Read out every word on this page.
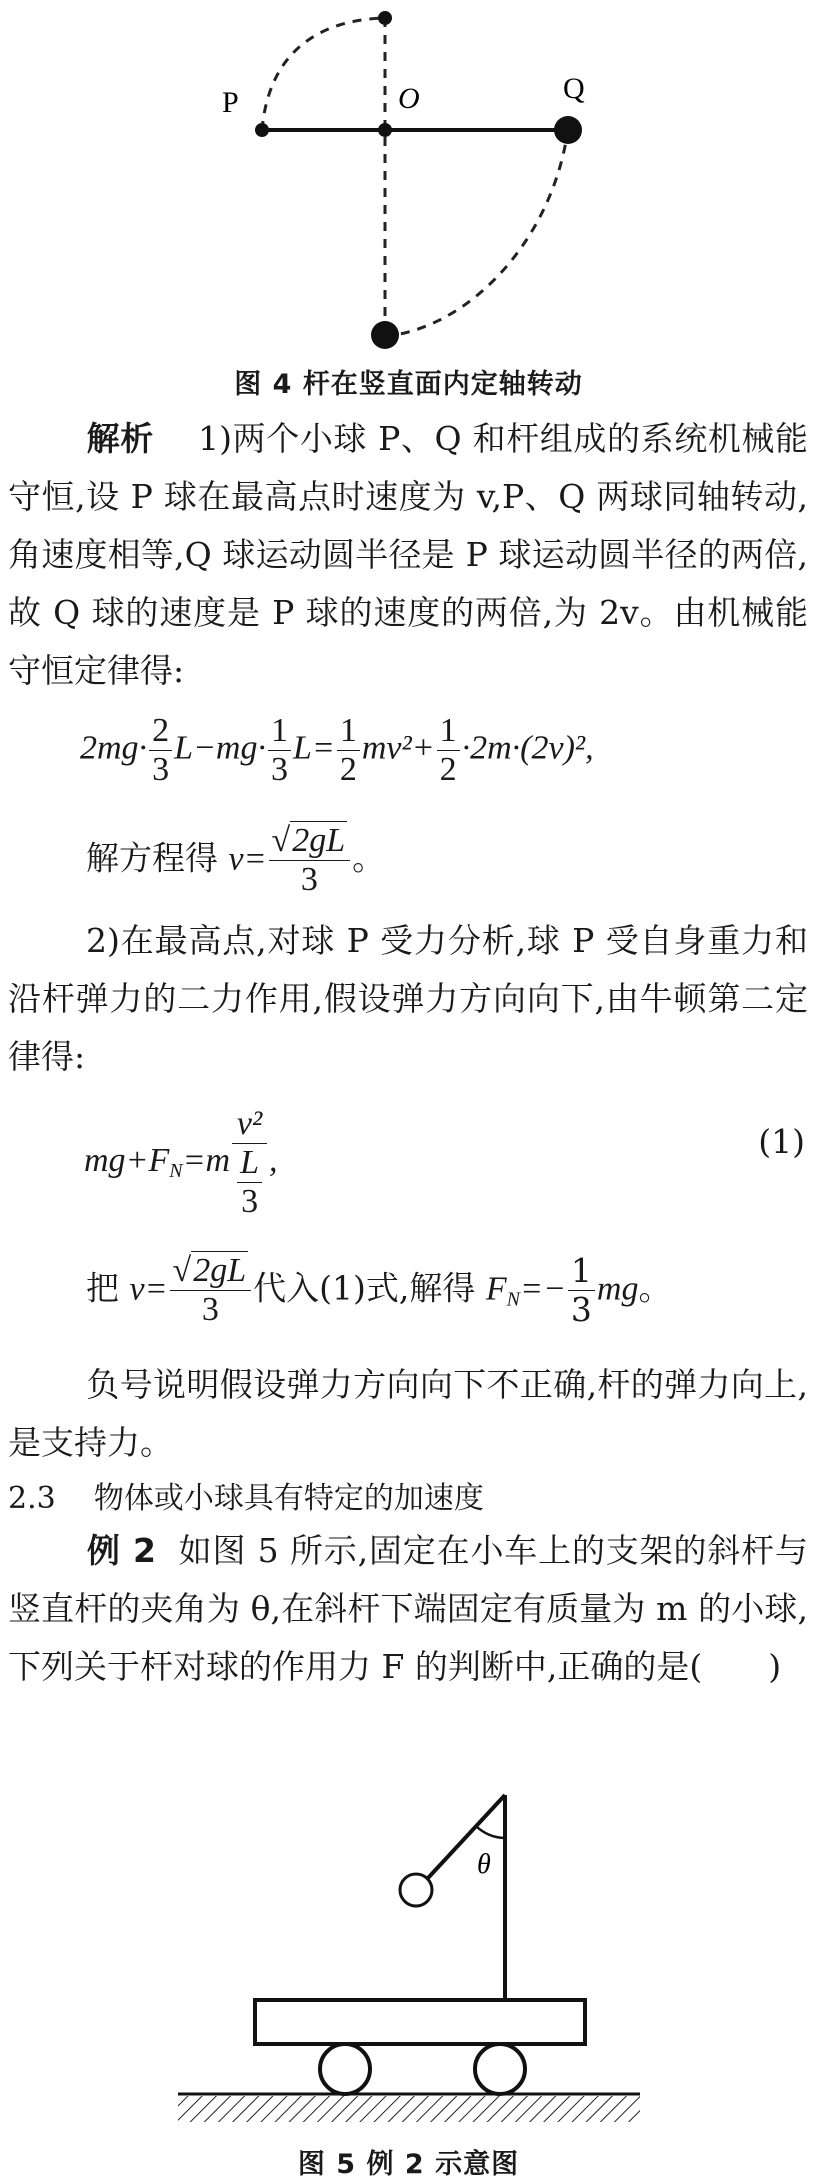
P	O	Q
图 4 杆在竖直面内定轴转动
解析 1)两个小球 P、Q 和杆组成的系统机械能守恒,设 P 球在最高点时速度为 v,P、Q 两球同轴转动,角速度相等,Q 球运动圆半径是 P 球运动圆半径的两倍,故 Q 球的速度是 P 球的速度的两倍,为 2v。由机械能守恒定律得:
$2mg\cdot \frac{2}{3} L-mg\cdot \frac{1}{3} L= \frac{1}{2} mv^2+ \frac{1}{2} \cdot 2m\cdot(2v)^2$,
解方程得 $v= \frac{√2gL}{3}$ 。
2)在最高点,对球 P 受力分析,球 P 受自身重力和沿杆弹力的二力作用,假设弹力方向向下,由牛顿第二定律得:
$mg+F_N=m \frac{\text{v²}}{\frac{L}{3}}$ ,	(1)
把 $v= \frac{√2gL}{3}$ 代入(1)式,解得 $F_N=- \frac{1}{3}$ mg。
负号说明假设弹力方向向下不正确,杆的弹力向上,是支持力。
2.3 物体或小球具有特定的加速度
例 2 如图 5 所示,固定在小车上的支架的斜杆与竖直杆的夹角为 θ,在斜杆下端固定有质量为 m 的小球,下列关于杆对球的作用力 F 的判断中,正确的是(　　)
θ
图 5 例 2 示意图
